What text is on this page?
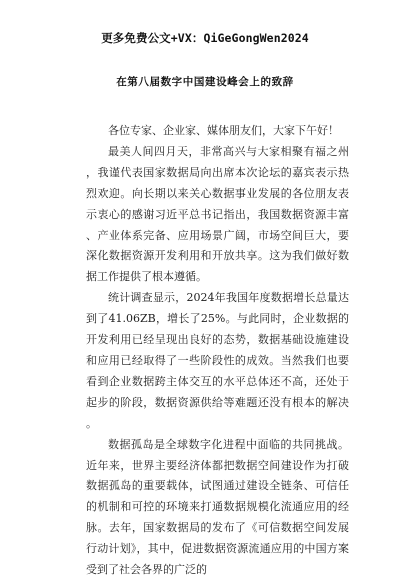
更多免费公文+VX：QiGeGongWen2024
在第八届数字中国建设峰会上的致辞

各位专家、企业家、媒体朋友们，大家下午好！

最美人间四月天，非常高兴与大家相聚有福之州，我谨代表国家数据局向出席本次论坛的嘉宾表示热烈欢迎。向长期以来关心数据事业发展的各位朋友表示衷心的感谢习近平总书记指出，我国数据资源丰富、产业体系完备、应用场景广阔，市场空间巨大，要深化数据资源开发利用和开放共享。这为我们做好数据工作提供了根本遵循。

统计调查显示，2024年我国年度数据增长总量达到了41.06ZB，增长了25%。与此同时，企业数据的开发利用已经呈现出良好的态势，数据基础设施建设和应用已经取得了一些阶段性的成效。当然我们也要看到企业数据跨主体交互的水平总体还不高，还处于起步的阶段，数据资源供给等难题还没有根本的解决。

数据孤岛是全球数字化进程中面临的共同挑战。近年来，世界主要经济体都把数据空间建设作为打破数据孤岛的重要载体，试图通过建设全链条、可信任的机制和可控的环境来打通数据规模化流通应用的经脉。去年，国家数据局的发布了《可信数据空间发展行动计划》，其中，促进数据资源流通应用的中国方案受到了社会各界的广泛的
